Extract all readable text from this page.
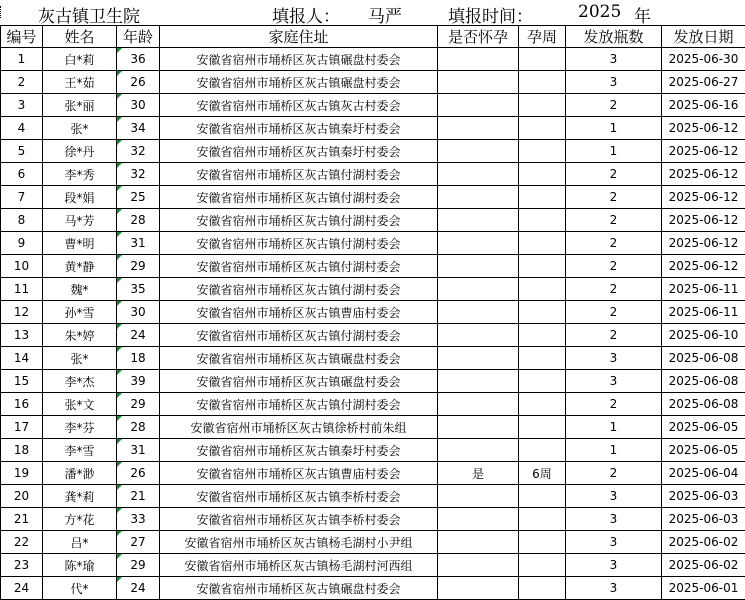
灰古镇卫生院	填报人： 马严	填报时间：	2025 年
编号	姓名	年龄	家庭住址	是否怀孕	孕周	发放瓶数	发放日期
1	白*莉	36	安徽省宿州市埇桥区灰古镇碾盘村委会			3	2025-06-30
2	王*茹	26	安徽省宿州市埇桥区灰古镇碾盘村委会			3	2025-06-27
3	张*丽	30	安徽省宿州市埇桥区灰古镇灰古村委会			2	2025-06-16
4	张*	34	安徽省宿州市埇桥区灰古镇秦圩村委会			1	2025-06-12
5	徐*丹	32	安徽省宿州市埇桥区灰古镇秦圩村委会			1	2025-06-12
6	李*秀	32	安徽省宿州市埇桥区灰古镇付湖村委会			2	2025-06-12
7	段*娟	25	安徽省宿州市埇桥区灰古镇付湖村委会			2	2025-06-12
8	马*芳	28	安徽省宿州市埇桥区灰古镇付湖村委会			2	2025-06-12
9	曹*明	31	安徽省宿州市埇桥区灰古镇付湖村委会			2	2025-06-12
10	黄*静	29	安徽省宿州市埇桥区灰古镇付湖村委会			2	2025-06-12
11	魏*	35	安徽省宿州市埇桥区灰古镇付湖村委会			2	2025-06-11
12	孙*雪	30	安徽省宿州市埇桥区灰古镇曹庙村委会			2	2025-06-11
13	朱*婷	24	安徽省宿州市埇桥区灰古镇付湖村委会			2	2025-06-10
14	张*	18	安徽省宿州市埇桥区灰古镇碾盘村委会			3	2025-06-08
15	李*杰	39	安徽省宿州市埇桥区灰古镇碾盘村委会			3	2025-06-08
16	张*文	29	安徽省宿州市埇桥区灰古镇付湖村委会			2	2025-06-08
17	李*芬	28	安徽省宿州市埇桥区灰古镇徐桥村前朱组			1	2025-06-05
18	李*雪	31	安徽省宿州市埇桥区灰古镇秦圩村委会			1	2025-06-05
19	潘*渺	26	安徽省宿州市埇桥区灰古镇曹庙村委会	是	6周	2	2025-06-04
20	龚*莉	21	安徽省宿州市埇桥区灰古镇李桥村委会			3	2025-06-03
21	方*花	33	安徽省宿州市埇桥区灰古镇李桥村委会			3	2025-06-03
22	吕*	27	安徽省宿州市埇桥区灰古镇杨毛湖村小尹组			3	2025-06-02
23	陈*瑜	29	安徽省宿州市埇桥区灰古镇杨毛湖村河西组			3	2025-06-02
24	代*	24	安徽省宿州市埇桥区灰古镇碾盘村委会			3	2025-06-01
